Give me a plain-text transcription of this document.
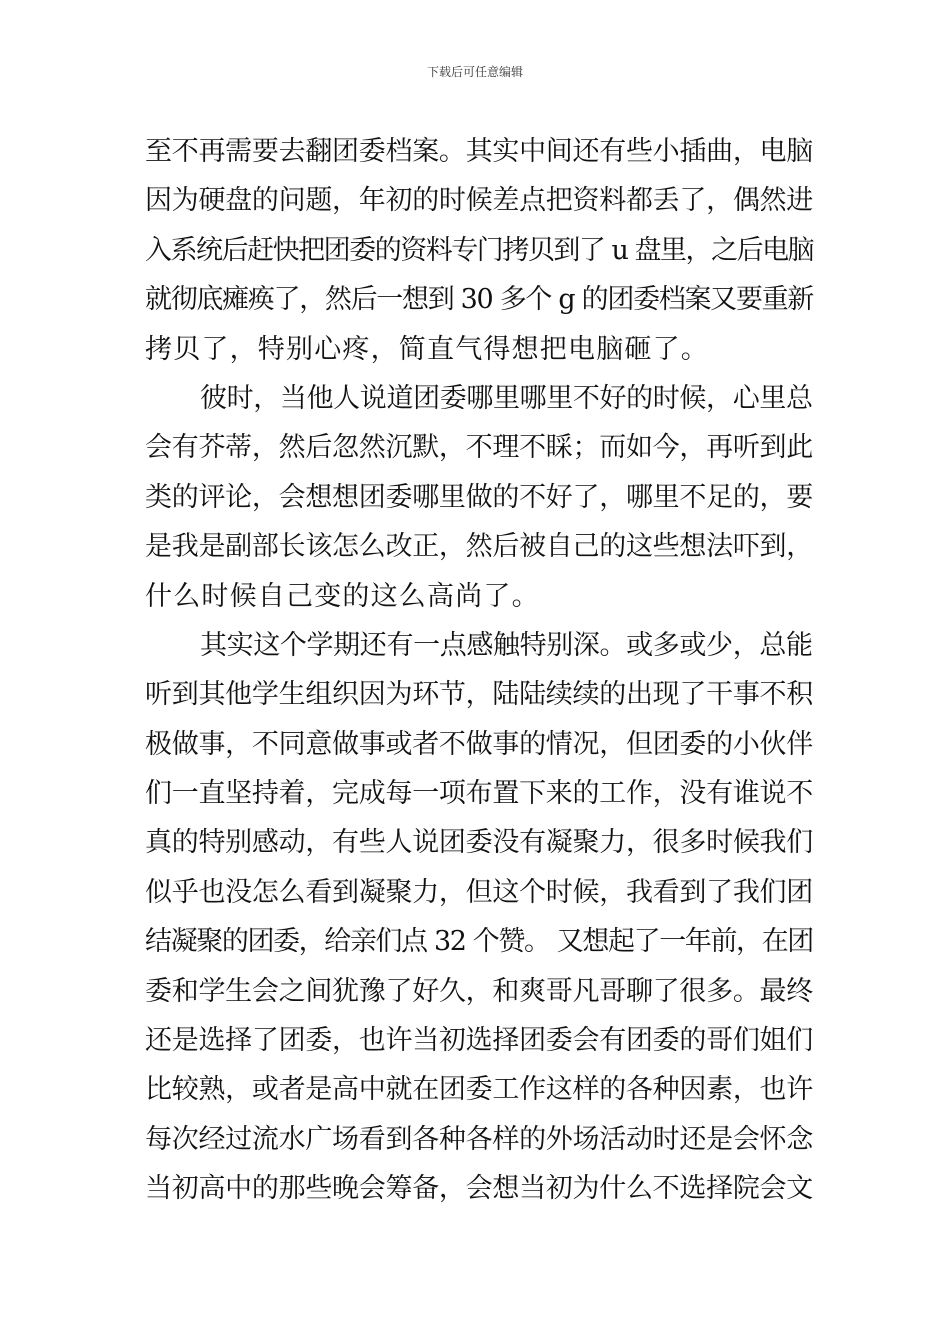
下载后可任意编辑
至不再需要去翻团委档案。其实中间还有些小插曲，电脑
因为硬盘的问题，年初的时候差点把资料都丢了，偶然进
入系统后赶快把团委的资料专门拷贝到了 u 盘里，之后电脑
就彻底瘫痪了，然后一想到 30 多个 g 的团委档案又要重新
拷贝了，特别心疼，简直气得想把电脑砸了。
彼时，当他人说道团委哪里哪里不好的时候，心里总
会有芥蒂，然后忽然沉默，不理不睬；而如今，再听到此
类的评论，会想想团委哪里做的不好了，哪里不足的，要
是我是副部长该怎么改正，然后被自己的这些想法吓到，
什么时候自己变的这么高尚了。
其实这个学期还有一点感触特别深。或多或少，总能
听到其他学生组织因为环节，陆陆续续的出现了干事不积
极做事，不同意做事或者不做事的情况，但团委的小伙伴
们一直坚持着，完成每一项布置下来的工作，没有谁说不
真的特别感动，有些人说团委没有凝聚力，很多时候我们
似乎也没怎么看到凝聚力，但这个时候，我看到了我们团
结凝聚的团委，给亲们点 32 个赞。 又想起了一年前，在团
委和学生会之间犹豫了好久，和爽哥凡哥聊了很多。最终
还是选择了团委，也许当初选择团委会有团委的哥们姐们
比较熟，或者是高中就在团委工作这样的各种因素，也许
每次经过流水广场看到各种各样的外场活动时还是会怀念
当初高中的那些晚会筹备，会想当初为什么不选择院会文
